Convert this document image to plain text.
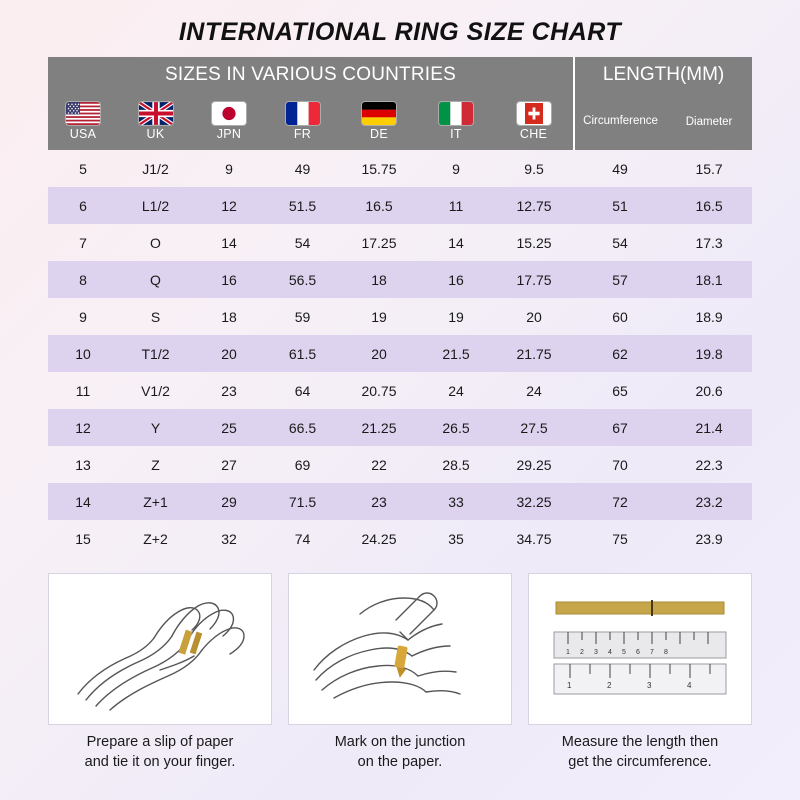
INTERNATIONAL RING SIZE CHART
SIZES IN VARIOUS COUNTRIES							LENGTH(MM)	

USA	UK	JPN	FR	DE	IT	CHE	Circumference	Diameter
5	J1/2	9	49	15.75	9	9.5	49	15.7
6	L1/2	12	51.5	16.5	11	12.75	51	16.5
7	O	14	54	17.25	14	15.25	54	17.3
8	Q	16	56.5	18	16	17.75	57	18.1
9	S	18	59	19	19	20	60	18.9
10	T1/2	20	61.5	20	21.5	21.75	62	19.8
11	V1/2	23	64	20.75	24	24	65	20.6
12	Y	25	66.5	21.25	26.5	27.5	67	21.4
13	Z	27	69	22	28.5	29.25	70	22.3
14	Z+1	29	71.5	23	33	32.25	72	23.2
15	Z+2	32	74	24.25	35	34.75	75	23.9
Prepare a slip of paper
and tie it on your finger.
Mark on the junction
on the paper.
1 2 3 4 5 6 7 8
1	2	3	4
Measure the length then
get the circumference.
